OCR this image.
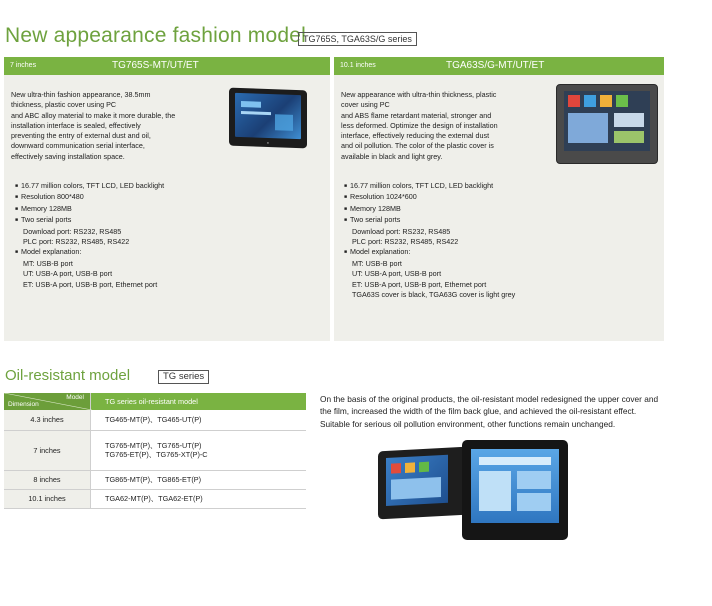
New appearance fashion model
TG765S, TGA63S/G series
7 inches	TG765S-MT/UT/ET
New ultra-thin fashion appearance, 38.5mm
thickness, plastic cover using PC
and ABC alloy material to make it more durable, the
installation interface is sealed, effectively
preventing the entry of external dust and oil,
downward communication serial interface,
effectively saving installation space.
●
■ 16.77 million colors, TFT LCD, LED backlight
■ Resolution 800*480
■ Memory 128MB
■ Two serial ports
Download port: RS232, RS485
PLC port: RS232, RS485, RS422
■ Model explanation:
MT: USB-B port
UT: USB-A port, USB-B port
ET: USB-A port, USB-B port, Ethernet port
10.1 inches	TGA63S/G-MT/UT/ET
New appearance with ultra-thin thickness, plastic
cover using PC
and ABS flame retardant material, stronger and
less deformed. Optimize the design of installation
interface, effectively reducing the external dust
and oil pollution. The color of the plastic cover is
available in black and light grey.
■ 16.77 million colors, TFT LCD, LED backlight
■ Resolution 1024*600
■ Memory 128MB
■ Two serial ports
Download port: RS232, RS485
PLC port: RS232, RS485, RS422
■ Model explanation:
MT: USB-B port
UT: USB-A port, USB-B port
ET: USB-A port, USB-B port, Ethernet port
TGA63S cover is black, TGA63G cover is light grey
Oil-resistant model	TG series
Model
Dimension	TG series oil-resistant model
4.3 inches	TG465-MT(P)、TG465-UT(P)

7 inches	TG765-MT(P)、TG765-UT(P)
TG765-ET(P)、TG765-XT(P)-C

8 inches	TG865-MT(P)、TG865-ET(P)

10.1 inches	TGA62-MT(P)、TGA62-ET(P)
On the basis of the original products, the oil-resistant model redesigned the upper cover and the film, increased the width of the film back glue, and achieved the oil-resistant effect. Suitable for serious oil pollution environment, other functions remain unchanged.
